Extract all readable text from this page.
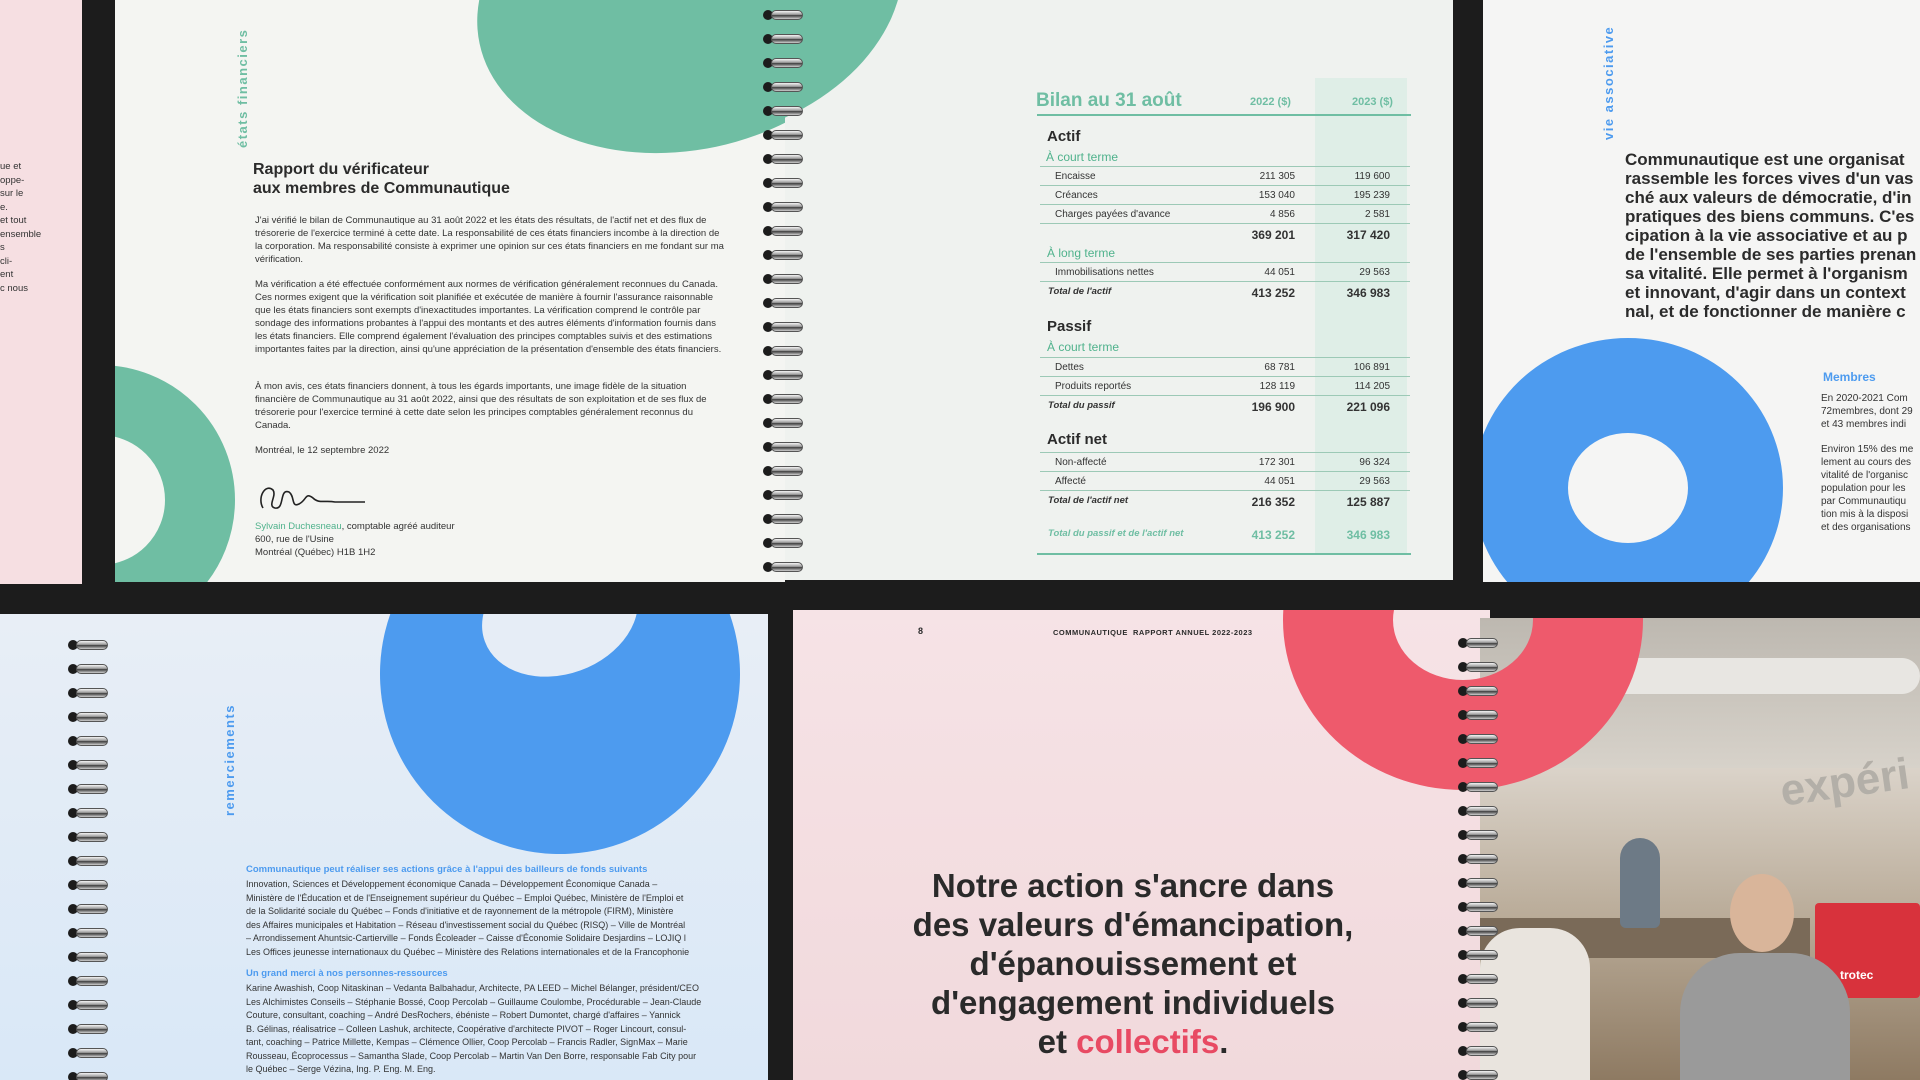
ue et
oppe-
sur le
e.
et tout
ensemble
s
cli-
ent
c nous
états financiers
Rapport du vérificateur
aux membres de Communautique
J'ai vérifié le bilan de Communautique au 31 août 2022 et les états des résultats, de l'actif net et des flux de trésorerie de l'exercice terminé à cette date. La responsabilité de ces états financiers incombe à la direction de la corporation. Ma responsabilité consiste à exprimer une opinion sur ces états financiers en me fondant sur ma vérification.
Ma vérification a été effectuée conformément aux normes de vérification généralement reconnues du Canada. Ces normes exigent que la vérification soit planifiée et exécutée de manière à fournir l'assurance raisonnable que les états financiers sont exempts d'inexactitudes importantes. La vérification comprend le contrôle par sondage des informations probantes à l'appui des montants et des autres éléments d'information fournis dans les états financiers. Elle comprend également l'évaluation des principes comptables suivis et des estimations importantes faites par la direction, ainsi qu'une appréciation de la présentation d'ensemble des états financiers.
À mon avis, ces états financiers donnent, à tous les égards importants, une image fidèle de la situation financière de Communautique au 31 août 2022, ainsi que des résultats de son exploitation et de ses flux de trésorerie pour l'exercice terminé à cette date selon les principes comptables généralement reconnus du Canada.
Montréal, le 12 septembre 2022
Sylvain Duchesneau, comptable agréé auditeur
600, rue de l'Usine
Montréal (Québec) H1B 1H2
Bilan au 31 août	2022 ($)	2023 ($)
Actif
À court terme
Encaisse	211 305	119 600
Créances	153 040	195 239
Charges payées d'avance	4 856	2 581
369 201	317 420
À long terme
Immobilisations nettes	44 051	29 563
Total de l'actif	413 252	346 983
Passif
À court terme
Dettes	68 781	106 891
Produits reportés	128 119	114 205
Total du passif	196 900	221 096
Actif net
Non-affecté	172 301	96 324
Affecté	44 051	29 563
Total de l'actif net	216 352	125 887
Total du passif et de l'actif net	413 252	346 983
vie associative
Communautique est une organisat
rassemble les forces vives d'un vas
ché aux valeurs de démocratie, d'in
pratiques des biens communs. C'es
cipation à la vie associative et au p
de l'ensemble de ses parties prenan
sa vitalité. Elle permet à l'organism
et innovant, d'agir dans un context
nal, et de fonctionner de manière c
Membres
En 2020-2021 Com
72membres, dont 29
et 43 membres indi
Environ 15% des me
lement au cours des
vitalité de l'organisc
population pour les
par Communautiqu
tion mis à la disposi
et des organisations
remerciements
Communautique peut réaliser ses actions grâce à l'appui des bailleurs de fonds suivants
Innovation, Sciences et Développement économique Canada – Développement Économique Canada –
Ministère de l'Éducation et de l'Enseignement supérieur du Québec – Emploi Québec, Ministère de l'Emploi et
de la Solidarité sociale du Québec – Fonds d'initiative et de rayonnement de la métropole (FIRM), Ministère
des Affaires municipales et Habitation – Réseau d'investissement social du Québec (RISQ) – Ville de Montréal
– Arrondissement Ahuntsic-Cartierville – Fonds Écoleader – Caisse d'Économie Solidaire Desjardins – LOJIQ l
Les Offices jeunesse internationaux du Québec – Ministère des Relations internationales et de la Francophonie
Un grand merci à nos personnes-ressources
Karine Awashish, Coop Nitaskinan – Vedanta Balbahadur, Architecte, PA LEED – Michel Bélanger, président/CEO
Les Alchimistes Conseils – Stéphanie Bossé, Coop Percolab – Guillaume Coulombe, Procédurable – Jean-Claude
Couture, consultant, coaching – André DesRochers, ébéniste – Robert Dumontet, chargé d'affaires – Yannick
B. Gélinas, réalisatrice – Colleen Lashuk, architecte, Coopérative d'architecte PIVOT – Roger Lincourt, consul-
tant, coaching – Patrice Millette, Kempas – Clémence Ollier, Coop Percolab – Francis Radler, SignMax – Marie
Rousseau, Écoprocessus – Samantha Slade, Coop Percolab – Martin Van Den Borre, responsable Fab City pour
le Québec – Serge Vézina, Ing. P. Eng. M. Eng.
8	COMMUNAUTIQUE RAPPORT ANNUEL 2022-2023
Notre action s'ancre dans
des valeurs d'émancipation,
d'épanouissement et
d'engagement individuels
et collectifs.
expéri
trotec
